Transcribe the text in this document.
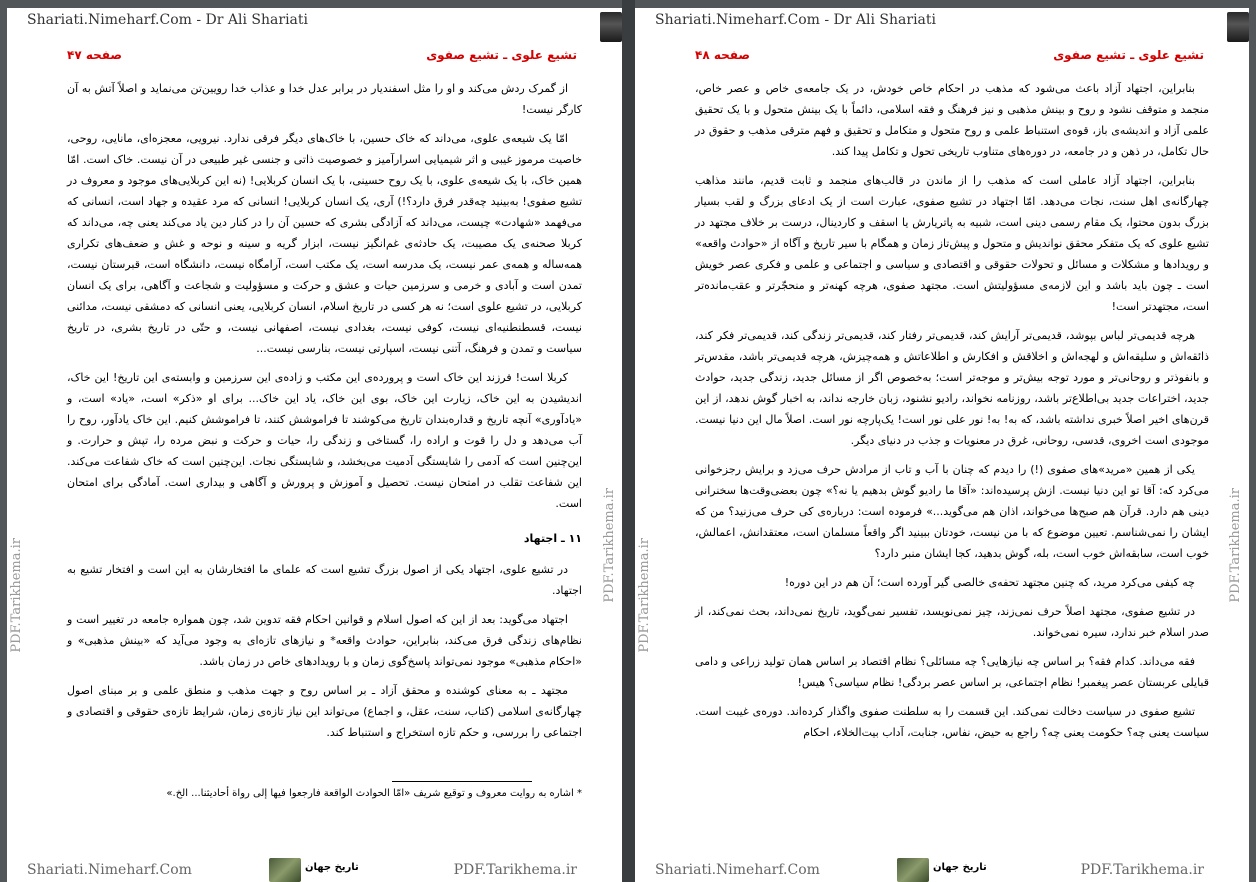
Shariati.Nimeharf.Com - Dr Ali Shariati
تشیع علوی ـ تشیع صفوی
صفحه ۴۷

از گمرک ردش می‌کند و او را مثل اسفندیار در برابر عدل خدا و عذاب خدا رویین‌تن می‌نماید و اصلاً آتش به آن کارگر نیست!

امّا یک شیعه‌ی علوی، می‌داند که خاک حسین، با خاک‌های دیگر فرقی ندارد. نیرویی، معجزه‌ای، مانایی، روحی، خاصیت مرموز غیبی و اثر شیمیایی اسرارآمیز و خصوصیت ذاتی و جنسی غیر طبیعی در آن نیست. خاک است. امّا همین خاک، با یک شیعه‌ی علوی، با یک روح حسینی، با یک انسان کربلایی! (نه این کربلایی‌های موجود و معروف در تشیع صفوی! به‌بینید چه‌قدر فرق دارد؟!) آری، یک انسان کربلایی! انسانی که مرد عقیده و جهاد است، انسانی که می‌فهمد «شهادت» چیست، می‌داند که آزادگی بشری که حسین آن را در کنار دین یاد می‌کند یعنی چه، می‌داند که کربلا صحنه‌ی یک مصیبت، یک حادثه‌ی غم‌انگیز نیست، ابزار گریه و سینه و نوحه و غش و ضعف‌های تکراری همه‌ساله و همه‌ی عمر نیست، یک مدرسه است، یک مکتب است، آرامگاه نیست، دانشگاه است، قبرستان نیست، تمدن است و آبادی و خرمی و سرزمین حیات و عشق و حرکت و مسؤولیت و شجاعت و آگاهی، برای یک انسان کربلایی، در تشیع علوی است؛ نه هر کسی در تاریخ اسلام، انسان کربلایی، یعنی انسانی که دمشقی نیست، مدائنی نیست، قسطنطنیه‌ای نیست، کوفی نیست، بغدادی نیست، اصفهانی نیست، و حتّی در تاریخ بشری، در تاریخ سیاست و تمدن و فرهنگ، آتنی نیست، اسپارتی نیست، بنارسی نیست...

کربلا است! فرزند این خاک است و پرورده‌ی این مکتب و زاده‌ی این سرزمین و وابسته‌ی این تاریخ! این خاک، اندیشیدن به این خاک، زیارت این خاک، بوی این خاک، یاد این خاک... برای او «ذکر» است، «یاد» است، و «یادآوری» آنچه تاریخ و قداره‌بندان تاریخ می‌کوشند تا فراموشش کنند، تا فراموشش کنیم. این خاک یادآور، روح را آب می‌دهد و دل را قوت و اراده را، گستاخی و زندگی را، حیات و حرکت و نبض مرده را، تپش و حرارت. و این‌چنین است که آدمی را شایستگی آدمیت می‌بخشد، و شایستگی نجات. این‌چنین است که خاک شفاعت می‌کند. این شفاعت تقلب در امتحان نیست. تحصیل و آموزش و پرورش و آگاهی و بیداری است. آمادگی برای امتحان است.

۱۱ ـ اجتهاد

در تشیع علوی، اجتهاد یکی از اصول بزرگ تشیع است که علمای ما افتخارشان به این است و افتخار تشیع به اجتهاد.

اجتهاد می‌گوید: بعد از این که اصول اسلام و قوانین احکام فقه تدوین شد، چون همواره جامعه در تغییر است و نظام‌های زندگی فرق می‌کند، بنابراین، حوادث واقعه* و نیازهای تازه‌ای به وجود می‌آید که «بینش مذهبی» و «احکام مذهبی» موجود نمی‌تواند پاسخ‌گوی زمان و با رویدادهای خاص در زمان باشد.

مجتهد ـ به معنای کوشنده و محقق آزاد ـ بر اساس روح و جهت مذهب و منطق علمی و بر مبنای اصول چهارگانه‌ی اسلامی (کتاب، سنت، عقل، و اجماع) می‌تواند این نیاز تازه‌ی زمان، شرایط تازه‌ی حقوقی و اقتصادی و اجتماعی را بررسی، و حکم تازه استخراج و استنباط کند.

* اشاره به روایت معروف و توقیع شریف «امّا الحوادث الواقعة فارجعوا فیها إلی رواة أحادیثنا... الخ.»
PDF.Tarikhema.ir	PDF.Tarikhema.ir
Shariati.Nimeharf.Com	تاریخ جهان	PDF.Tarikhema.ir
Shariati.Nimeharf.Com - Dr Ali Shariati
تشیع علوی ـ تشیع صفوی
صفحه ۴۸

بنابراین، اجتهاد آزاد باعث می‌شود که مذهب در احکام خاص خودش، در یک جامعه‌ی خاص و عصر خاص، منجمد و متوقف نشود و روح و بینش مذهبی و نیز فرهنگ و فقه اسلامی، دائماً با یک بینش متحول و با یک تحقیق علمی آزاد و اندیشه‌ی باز، قوه‌ی استنباط علمی و روح متحول و متکامل و تحقیق و فهم مترقی مذهب و حقوق در حال تکامل، در ذهن و در جامعه، در دوره‌های متناوب تاریخی تحول و تکامل پیدا کند.

بنابراین، اجتهاد آزاد عاملی است که مذهب را از ماندن در قالب‌های منجمد و ثابت قدیم، مانند مذاهب چهارگانه‌ی اهل سنت، نجات می‌دهد. امّا اجتهاد در تشیع صفوی، عبارت است از یک ادعای بزرگ و لقب بسیار بزرگ بدون محتوا، یک مقام رسمی دینی است، شبیه به پاتریارش یا اسقف و کاردینال، درست بر خلاف مجتهد در تشیع علوی که یک متفکر محقق نواندیش و متحول و پیش‌تاز زمان و همگام با سیر تاریخ و آگاه از «حوادث واقعه» و رویدادها و مشکلات و مسائل و تحولات حقوقی و اقتصادی و سیاسی و اجتماعی و علمی و فکری عصر خویش است ـ چون باید باشد و این لازمه‌ی مسؤولیتش است. مجتهد صفوی، هرچه کهنه‌تر و منحجّرتر و عقب‌مانده‌تر است، مجتهدتر است!

هرچه قدیمی‌تر لباس بپوشد، قدیمی‌تر آرایش کند، قدیمی‌تر رفتار کند، قدیمی‌تر زندگی کند، قدیمی‌تر فکر کند، ذائقه‌اش و سلیقه‌اش و لهجه‌اش و اخلاقش و افکارش و اطلاعاتش و همه‌چیزش، هرچه قدیمی‌تر باشد، مقدس‌تر و بانفوذتر و روحانی‌تر و مورد توجه بیش‌تر و موجه‌تر است؛ به‌خصوص اگر از مسائل جدید، زندگی جدید، حوادث جدید، اختراعات جدید بی‌اطلاع‌تر باشد، روزنامه نخواند، رادیو نشنود، زبان خارجه نداند، به اخبار گوش ندهد، از این قرن‌های اخیر اصلاً خبری نداشته باشد، که به! به! نور علی نور است! یک‌پارچه نور است. اصلاً مال این دنیا نیست. موجودی است اخروی، قدسی، روحانی، غرق در معنویات و جذب در دنیای دیگر.

یکی از همین «مرید»های صفوی (!) را دیدم که چنان با آب و تاب از مرادش حرف می‌زد و برایش رجزخوانی می‌کرد که: آقا تو این دنیا نیست. ازش پرسیده‌اند: «آقا ما رادیو گوش بدهیم یا نه؟» چون بعضی‌وقت‌ها سخنرانی دینی هم دارد. قرآن هم صبح‌ها می‌خواند، اذان هم می‌گوید...» فرموده است: درباره‌ی کی حرف می‌زنید؟ من که ایشان را نمی‌شناسم. تعیین موضوع که با من نیست، خودتان ببینید اگر واقعاً مسلمان است، معتقدانش، اعمالش، خوب است، سابقه‌اش خوب است، بله، گوش بدهید، کجا ایشان منبر دارد؟

چه کیفی می‌کرد مرید، که چنین مجتهد تحفه‌ی خالصی گیر آورده است؛ آن هم در این دوره!

در تشیع صفوی، مجتهد اصلاً حرف نمی‌زند، چیز نمی‌نویسد، تفسیر نمی‌گوید، تاریخ نمی‌داند، بحث نمی‌کند، از صدر اسلام خبر ندارد، سیره نمی‌خواند.

فقه می‌داند. کدام فقه؟ بر اساس چه نیازهایی؟ چه مسائلی؟ نظام اقتصاد بر اساس همان تولید زراعی و دامی قبایلی عربستان عصر پیغمبر! نظام اجتماعی، بر اساس عصر بردگی! نظام سیاسی؟ هیس!

تشیع صفوی در سیاست دخالت نمی‌کند. این قسمت را به سلطنت صفوی واگذار کرده‌اند. دوره‌ی غیبت است. سیاست یعنی چه؟ حکومت یعنی چه؟ راجع به حیض، نفاس، جنابت، آداب بیت‌الخلاء، احکام

PDF.Tarikhema.ir	PDF.Tarikhema.ir
Shariati.Nimeharf.Com	تاریخ جهان	PDF.Tarikhema.ir
